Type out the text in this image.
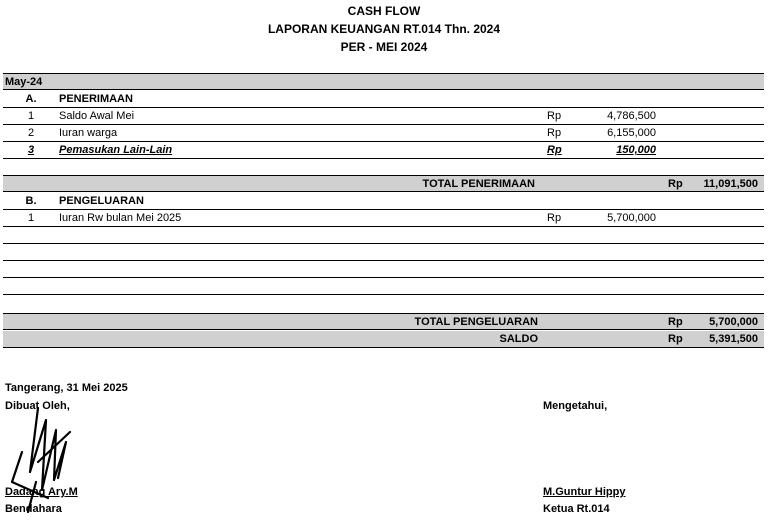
CASH FLOW
LAPORAN KEUANGAN RT.014 Thn. 2024
PER - MEI 2024
May-24
A.	PENERIMAAN
1	Saldo Awal Mei	Rp	4,786,500
2	Iuran warga	Rp	6,155,000
3	Pemasukan Lain-Lain	Rp	150,000
TOTAL PENERIMAAN	Rp	11,091,500
B.	PENGELUARAN
1	Iuran Rw bulan Mei 2025	Rp	5,700,000
TOTAL PENGELUARAN	Rp	5,700,000
SALDO	Rp	5,391,500
Tangerang, 31 Mei 2025
Dibuat Oleh,	Mengetahui,
Dadang Ary.M
Bendahara
M.Guntur Hippy
Ketua Rt.014
